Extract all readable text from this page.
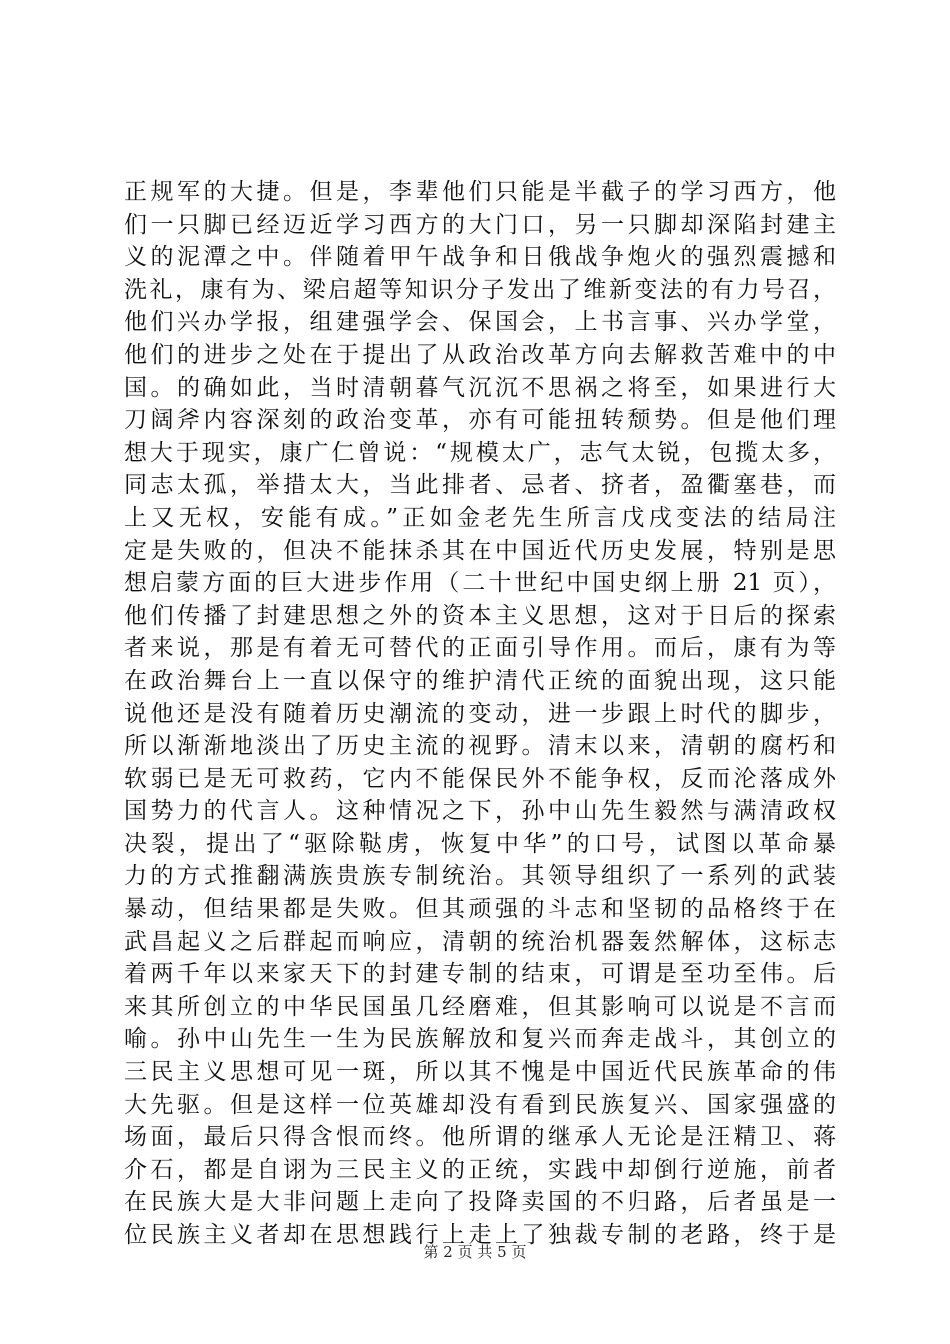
正规军的大捷。但是，李辈他们只能是半截子的学习西方，他
们一只脚已经迈近学习西方的大门口，另一只脚却深陷封建主
义的泥潭之中。伴随着甲午战争和日俄战争炮火的强烈震撼和
洗礼，康有为、梁启超等知识分子发出了维新变法的有力号召，
他们兴办学报，组建强学会、保国会，上书言事、兴办学堂，
他们的进步之处在于提出了从政治改革方向去解救苦难中的中
国。的确如此，当时清朝暮气沉沉不思祸之将至，如果进行大
刀阔斧内容深刻的政治变革，亦有可能扭转颓势。但是他们理
想大于现实，康广仁曾说：“规模太广，志气太锐，包揽太多，
同志太孤，举措太大，当此排者、忌者、挤者，盈衢塞巷，而
上又无权，安能有成。”正如金老先生所言戊戌变法的结局注
定是失败的，但决不能抹杀其在中国近代历史发展，特别是思
想启蒙方面的巨大进步作用（二十世纪中国史纲上册 21 页），
他们传播了封建思想之外的资本主义思想，这对于日后的探索
者来说，那是有着无可替代的正面引导作用。而后，康有为等
在政治舞台上一直以保守的维护清代正统的面貌出现，这只能
说他还是没有随着历史潮流的变动，进一步跟上时代的脚步，
所以渐渐地淡出了历史主流的视野。清末以来，清朝的腐朽和
软弱已是无可救药，它内不能保民外不能争权，反而沦落成外
国势力的代言人。这种情况之下，孙中山先生毅然与满清政权
决裂，提出了“驱除鞑虏，恢复中华”的口号，试图以革命暴
力的方式推翻满族贵族专制统治。其领导组织了一系列的武装
暴动，但结果都是失败。但其顽强的斗志和坚韧的品格终于在
武昌起义之后群起而响应，清朝的统治机器轰然解体，这标志
着两千年以来家天下的封建专制的结束，可谓是至功至伟。后
来其所创立的中华民国虽几经磨难，但其影响可以说是不言而
喻。孙中山先生一生为民族解放和复兴而奔走战斗，其创立的
三民主义思想可见一斑，所以其不愧是中国近代民族革命的伟
大先驱。但是这样一位英雄却没有看到民族复兴、国家强盛的
场面，最后只得含恨而终。他所谓的继承人无论是汪精卫、蒋
介石，都是自诩为三民主义的正统，实践中却倒行逆施，前者
在民族大是大非问题上走向了投降卖国的不归路，后者虽是一
位民族主义者却在思想践行上走上了独裁专制的老路，终于是
第 2 页 共 5 页
